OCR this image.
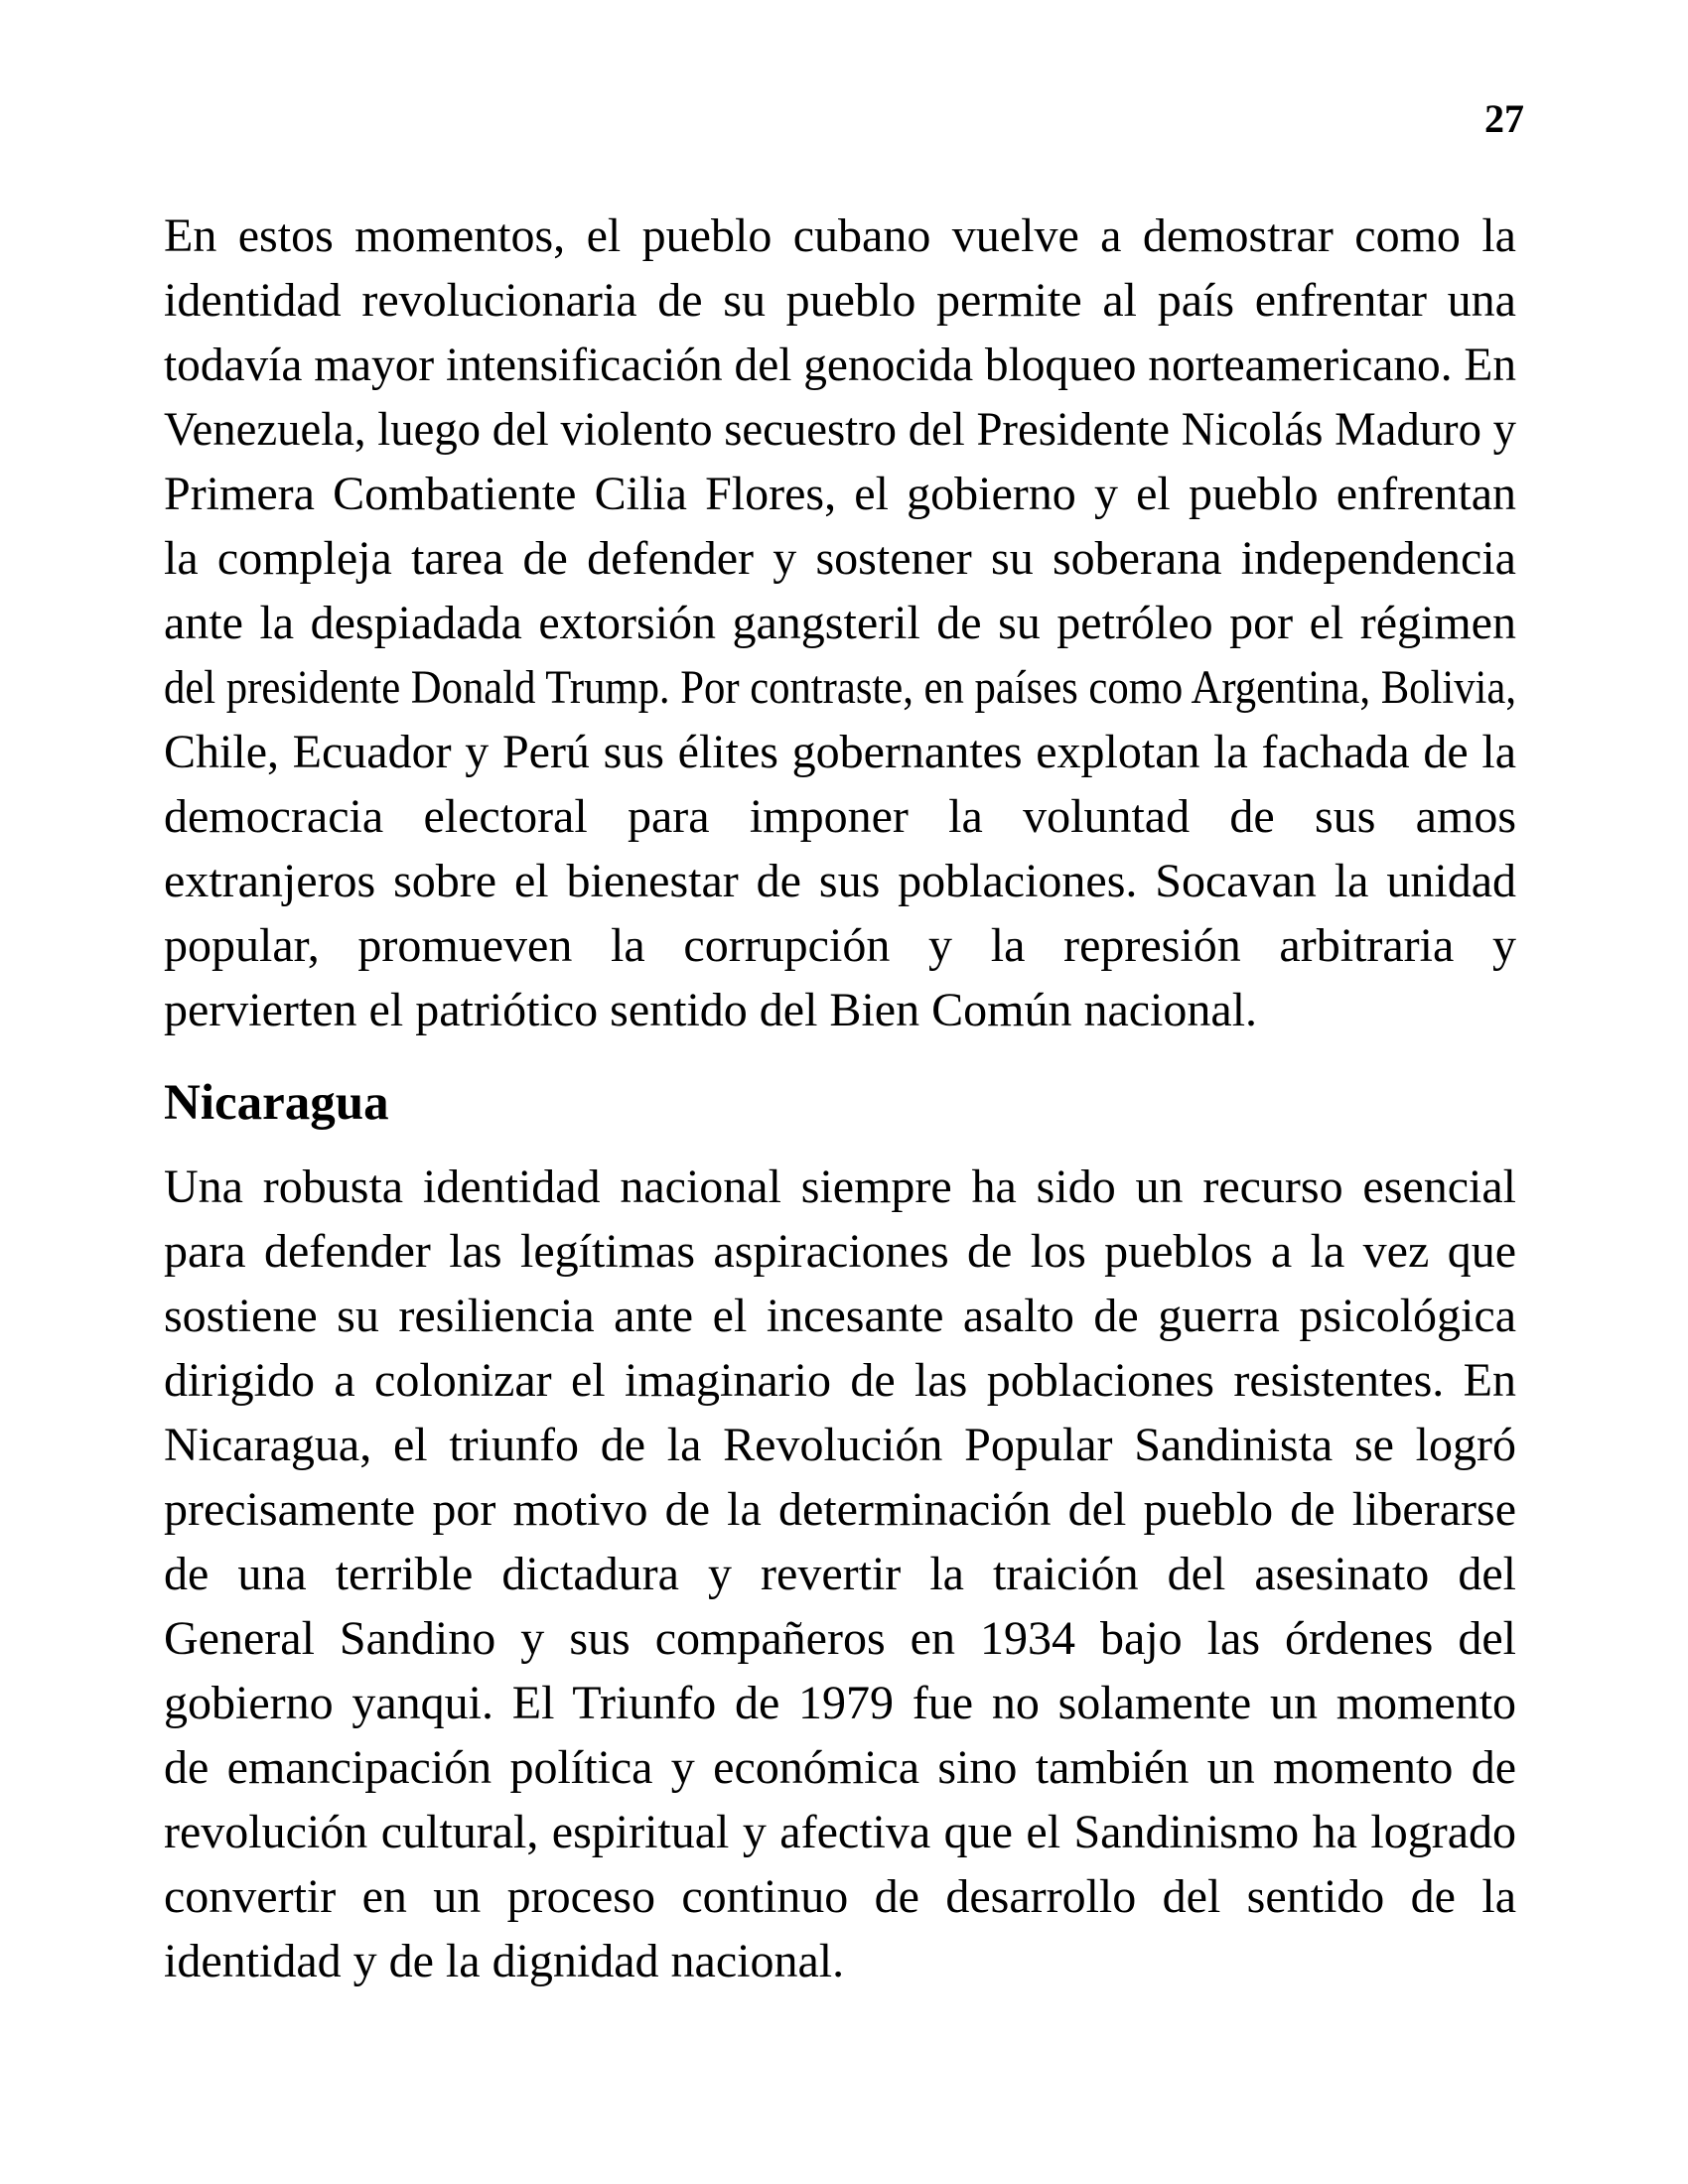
27
En estos momentos, el pueblo cubano vuelve a demostrar como la
identidad revolucionaria de su pueblo permite al país enfrentar una
todavía mayor intensificación del genocida bloqueo norteamericano. En
Venezuela, luego del violento secuestro del Presidente Nicolás Maduro y
Primera Combatiente Cilia Flores, el gobierno y el pueblo enfrentan
la compleja tarea de defender y sostener su soberana independencia
ante la despiadada extorsión gangsteril de su petróleo por el régimen
del presidente Donald Trump. Por contraste, en países como Argentina, Bolivia,
Chile, Ecuador y Perú sus élites gobernantes explotan la fachada de la
democracia electoral para imponer la voluntad de sus amos
extranjeros sobre el bienestar de sus poblaciones. Socavan la unidad
popular, promueven la corrupción y la represión arbitraria y
pervierten el patriótico sentido del Bien Común nacional.
Nicaragua
Una robusta identidad nacional siempre ha sido un recurso esencial
para defender las legítimas aspiraciones de los pueblos a la vez que
sostiene su resiliencia ante el incesante asalto de guerra psicológica
dirigido a colonizar el imaginario de las poblaciones resistentes. En
Nicaragua, el triunfo de la Revolución Popular Sandinista se logró
precisamente por motivo de la determinación del pueblo de liberarse
de una terrible dictadura y revertir la traición del asesinato del
General Sandino y sus compañeros en 1934 bajo las órdenes del
gobierno yanqui. El Triunfo de 1979 fue no solamente un momento
de emancipación política y económica sino también un momento de
revolución cultural, espiritual y afectiva que el Sandinismo ha logrado
convertir en un proceso continuo de desarrollo del sentido de la
identidad y de la dignidad nacional.
